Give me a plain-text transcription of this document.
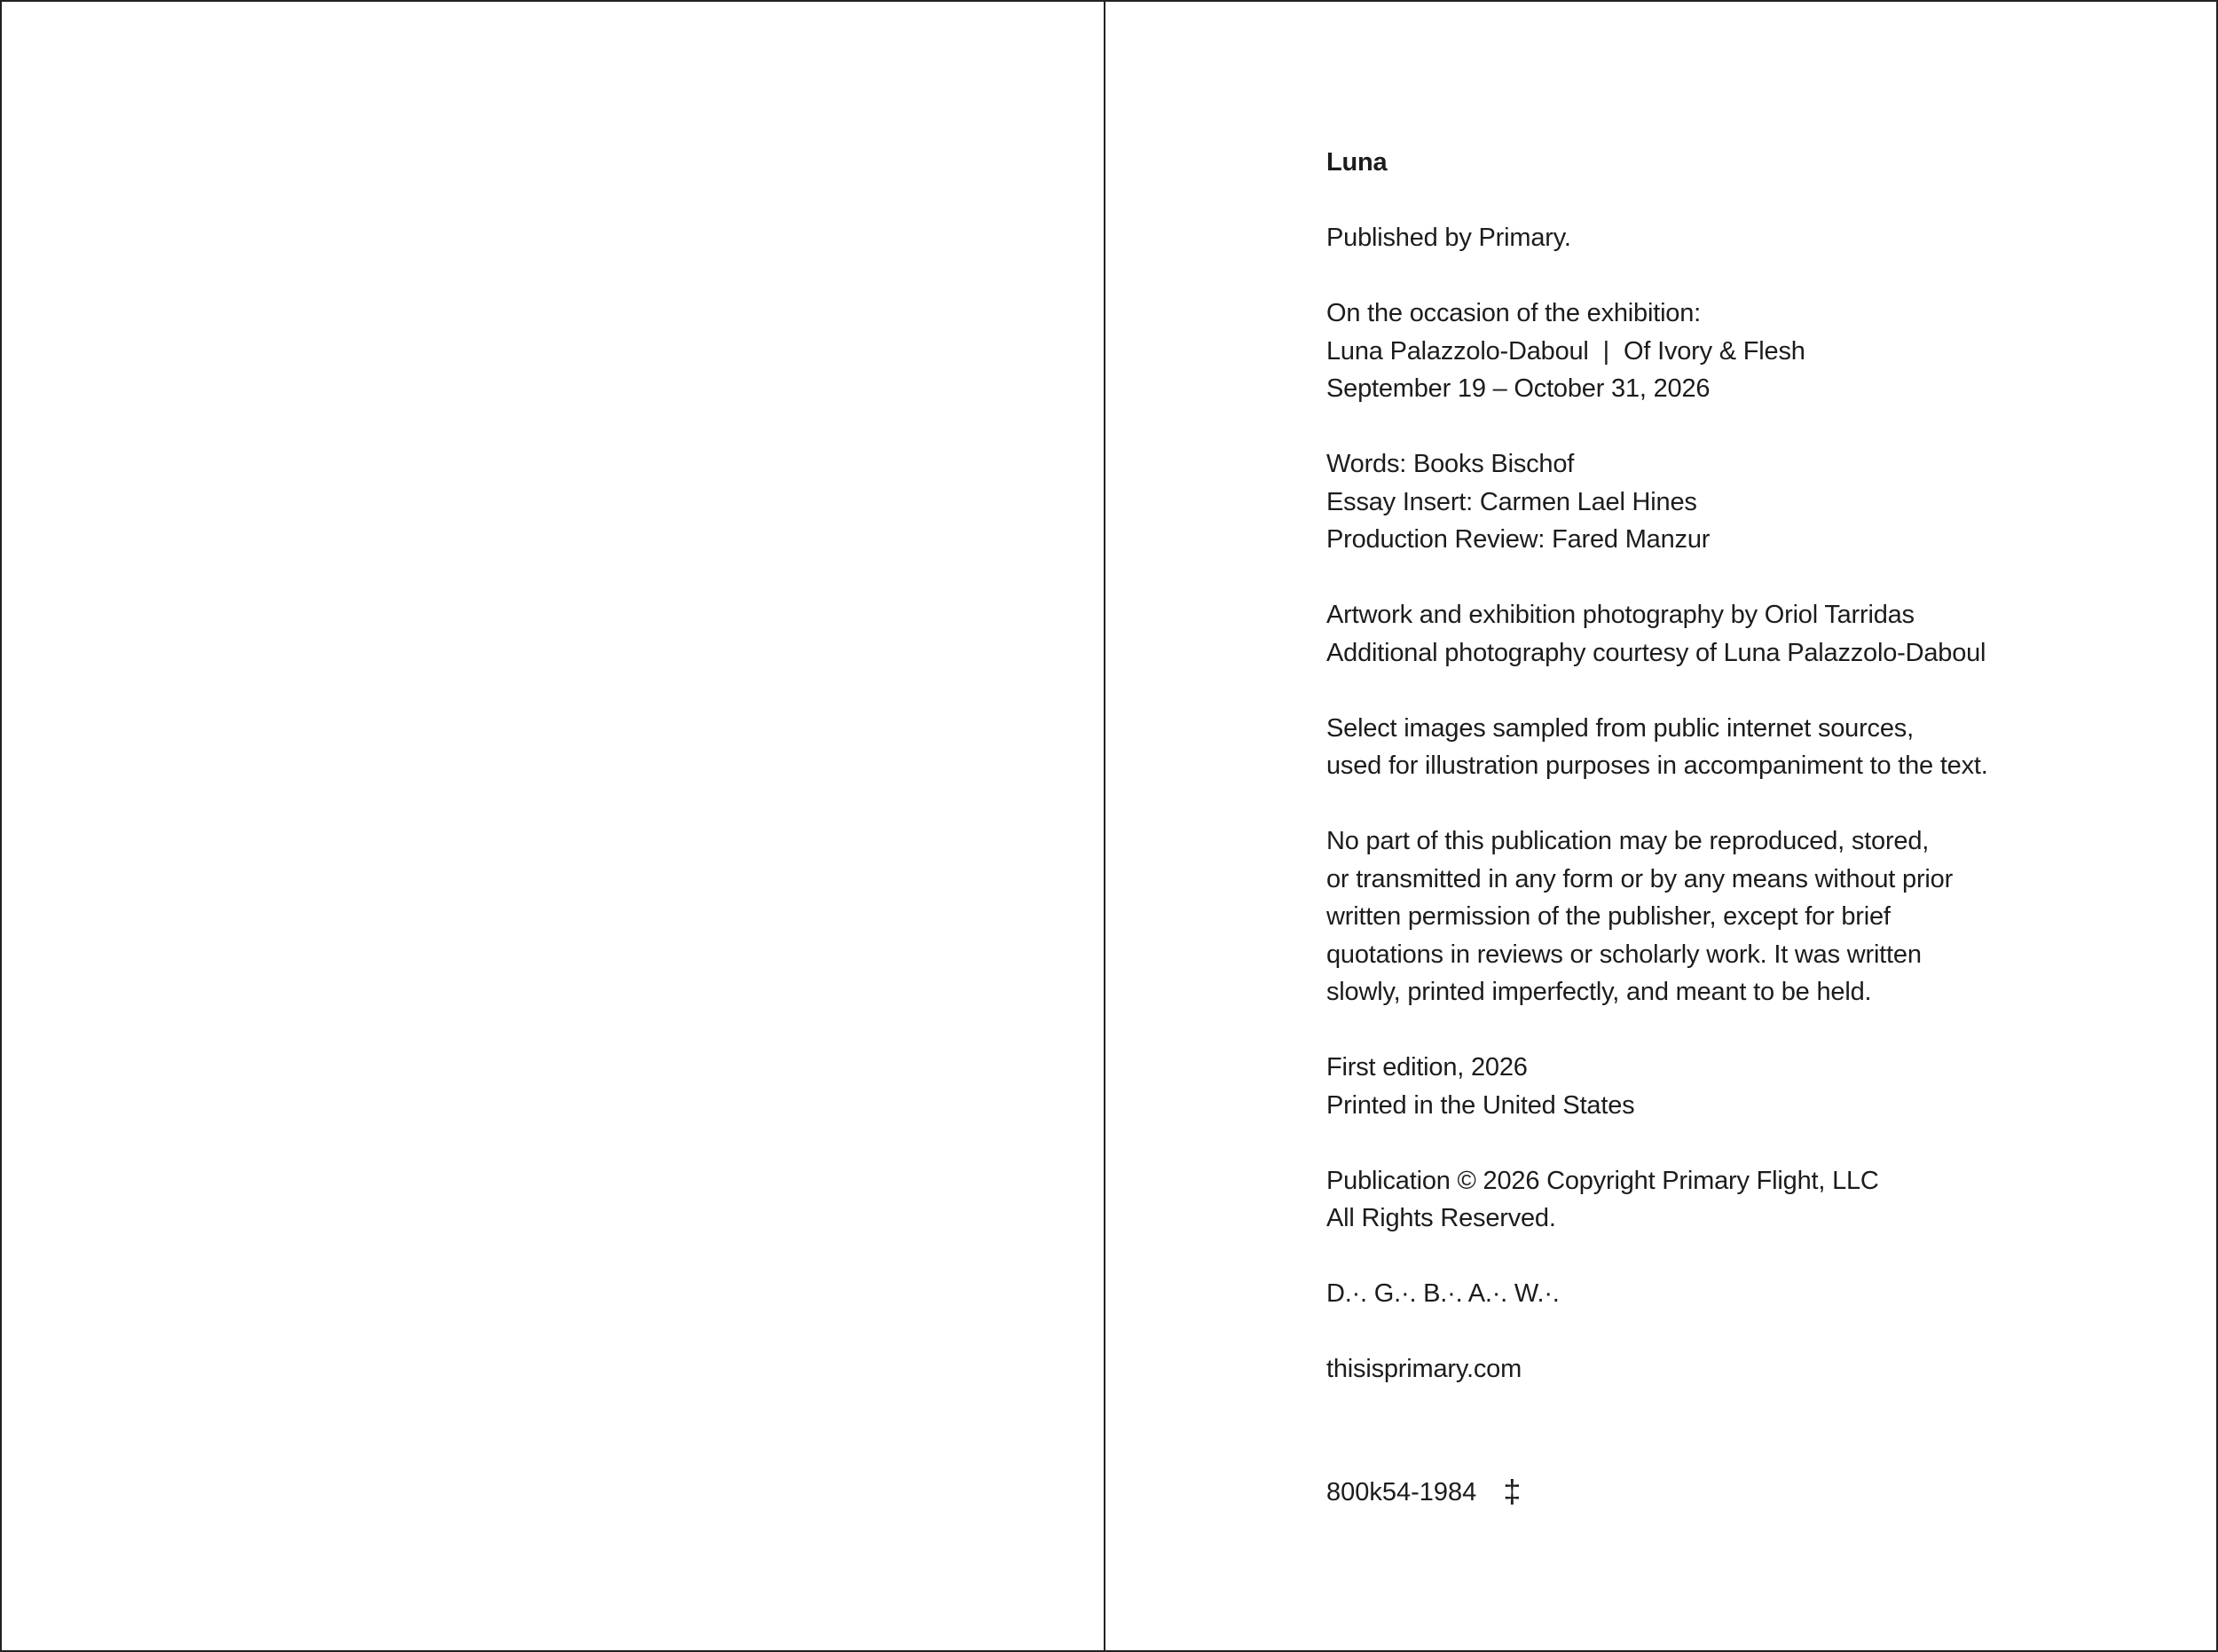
Luna
Published by Primary.
On the occasion of the exhibition:
Luna Palazzolo-Daboul | Of Ivory & Flesh
September 19 – October 31, 2026
Words: Books Bischof
Essay Insert: Carmen Lael Hines
Production Review: Fared Manzur
Artwork and exhibition photography by Oriol Tarridas
Additional photography courtesy of Luna Palazzolo-Daboul
Select images sampled from public internet sources,
used for illustration purposes in accompaniment to the text.
No part of this publication may be reproduced, stored,
or transmitted in any form or by any means without prior
written permission of the publisher, except for brief
quotations in reviews or scholarly work. It was written
slowly, printed imperfectly, and meant to be held.
First edition, 2026
Printed in the United States
Publication © 2026 Copyright Primary Flight, LLC
All Rights Reserved.
D.·. G.·. B.·. A.·. W.·.
thisisprimary.com
800k54-1984 ‡
